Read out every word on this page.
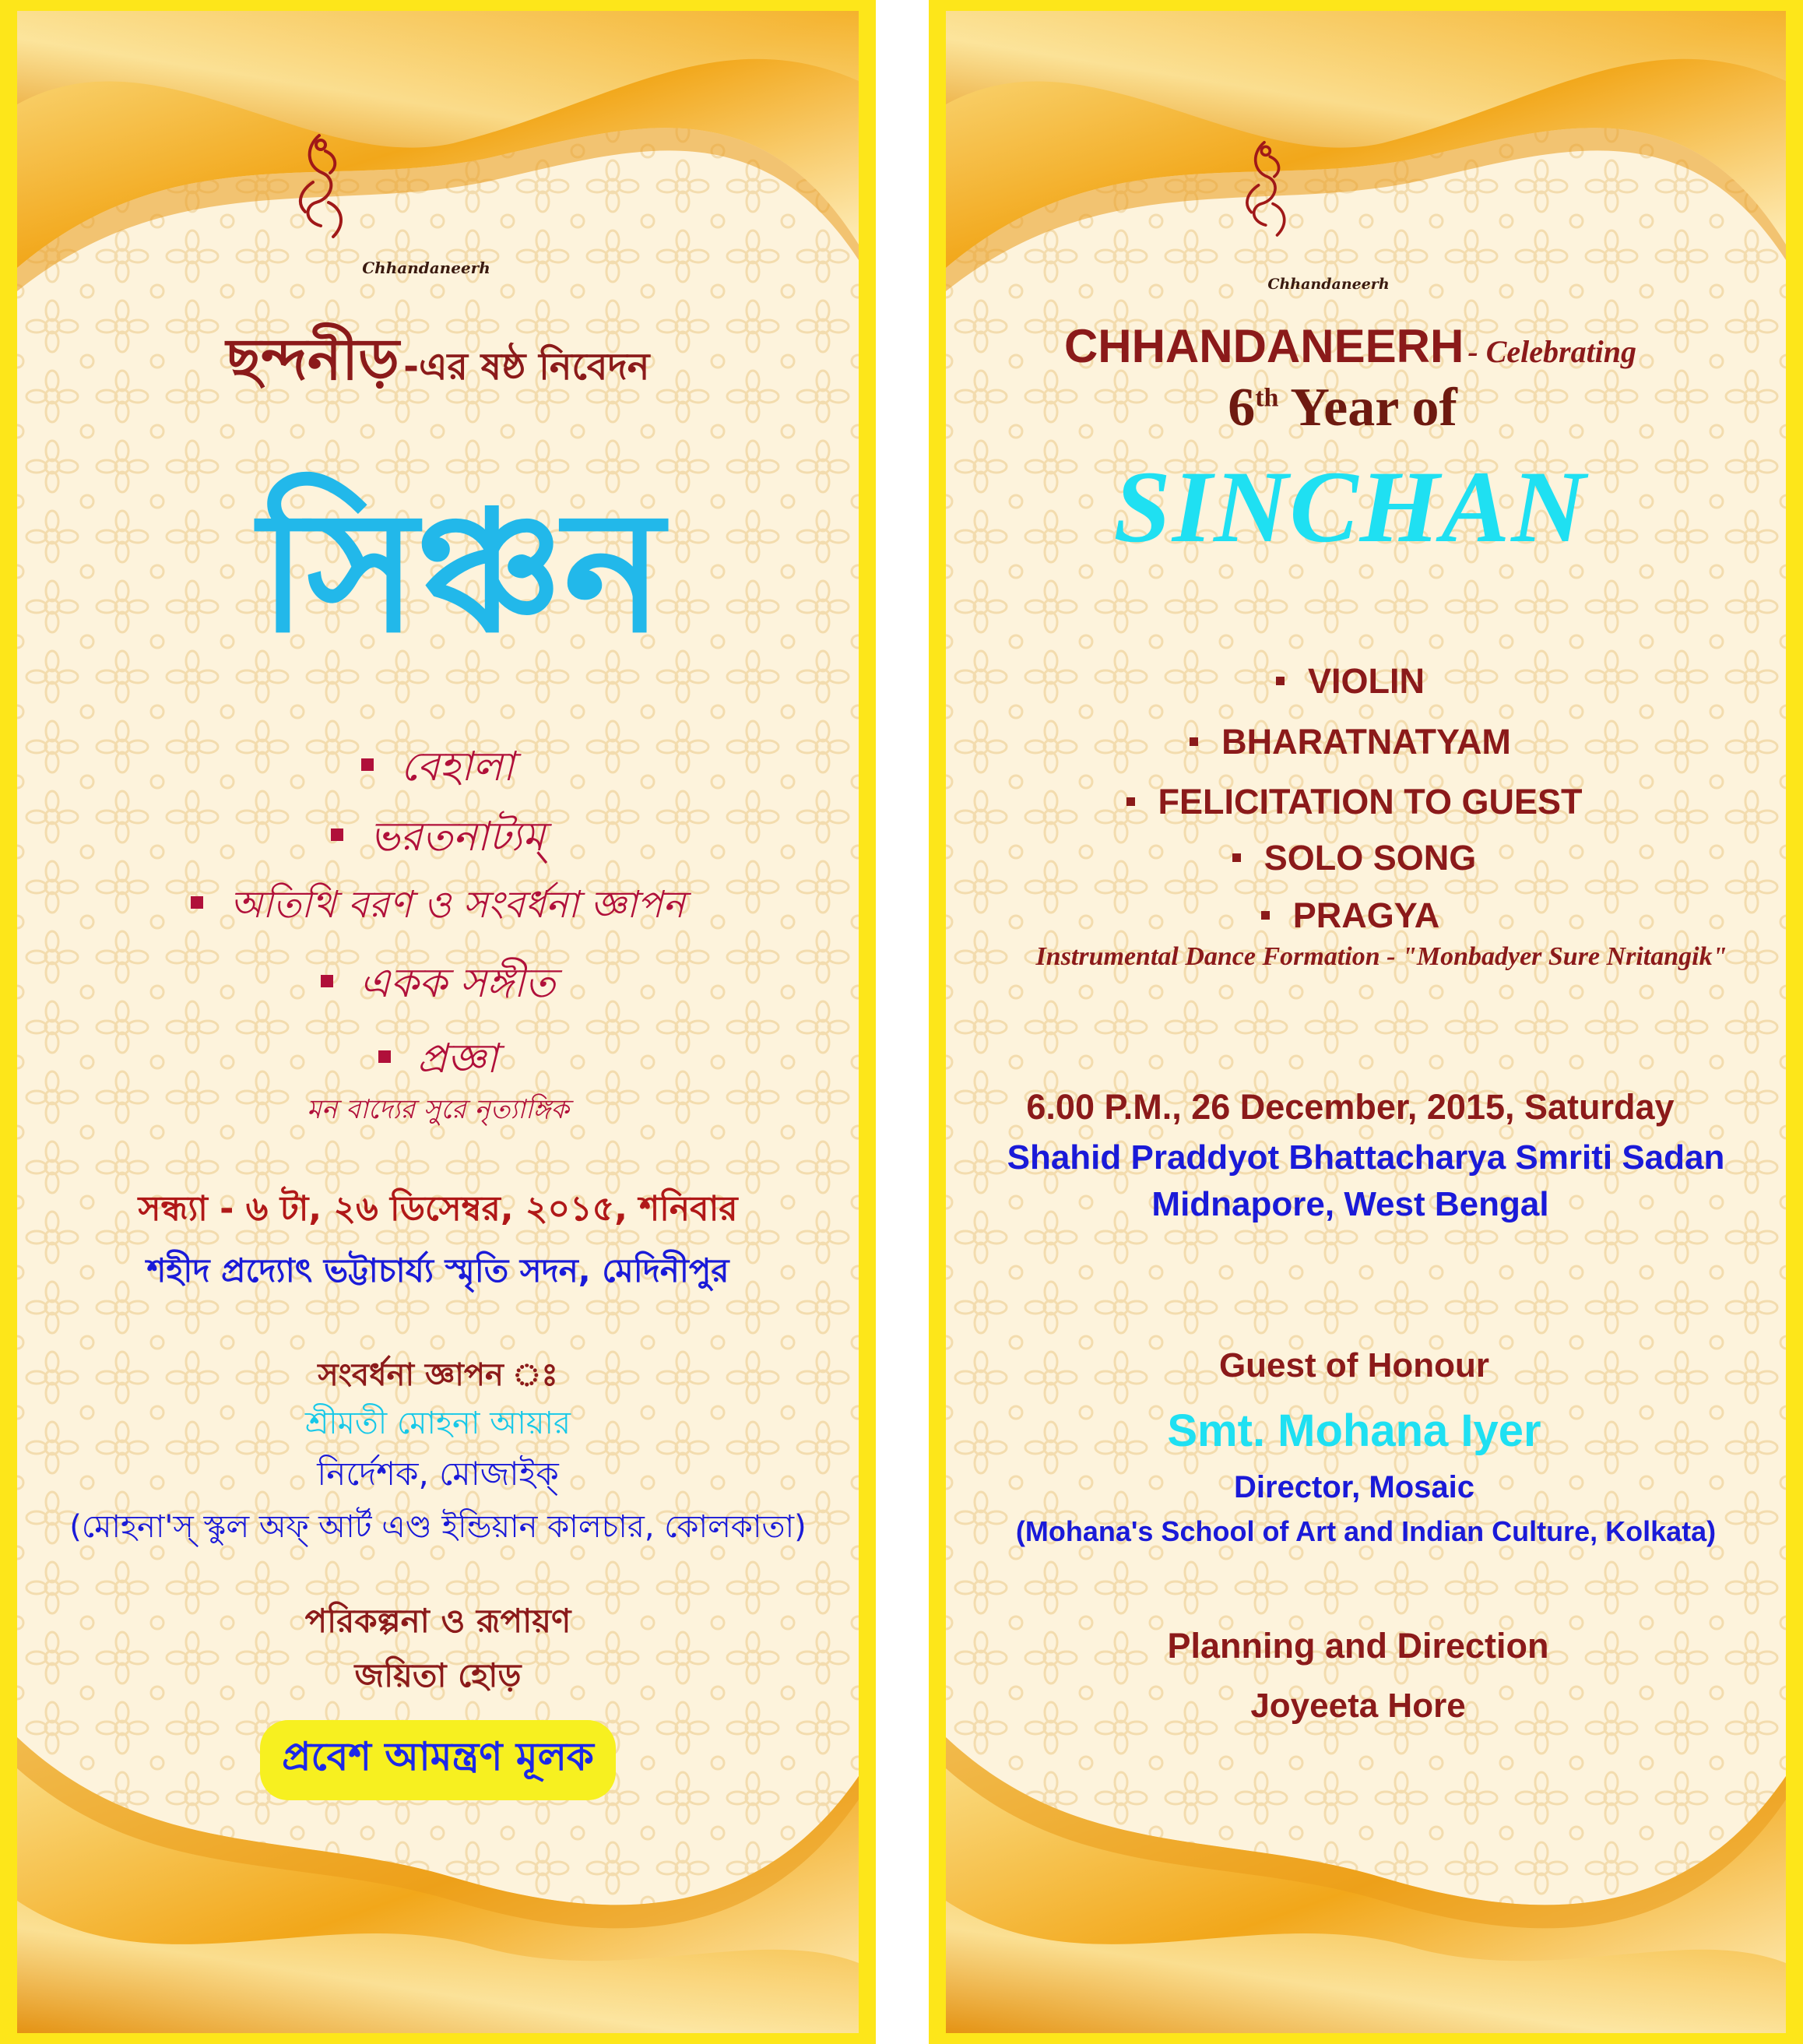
Chhandaneerh
ছন্দনীড় -এর ষষ্ঠ নিবেদন
সিঞ্চন
বেহালা
ভরতনাট্যম্
অতিথি বরণ ও সংবর্ধনা জ্ঞাপন
একক সঙ্গীত
প্রজ্ঞা
মন বাদ্যের সুরে নৃত্যাঙ্গিক
সন্ধ্যা - ৬ টা, ২৬ ডিসেম্বর, ২০১৫, শনিবার
শহীদ প্রদ্যোৎ ভট্টাচার্য্য স্মৃতি সদন, মেদিনীপুর
সংবর্ধনা জ্ঞাপন ঃ
শ্রীমতী মোহনা আয়ার
নির্দেশক, মোজাইক্
(মোহনা'স্ স্কুল অফ্ আর্ট এণ্ড ইন্ডিয়ান কালচার, কোলকাতা)
পরিকল্পনা ও রূপায়ণ
জয়িতা হোড়
প্রবেশ আমন্ত্রণ মূলক
Chhandaneerh
CHHANDANEERH - Celebrating
6th Year of
SINCHAN
VIOLIN
BHARATNATYAM
FELICITATION TO GUEST
SOLO SONG
PRAGYA
Instrumental Dance Formation - "Monbadyer Sure Nritangik"
6.00 P.M., 26 December, 2015, Saturday
Shahid Praddyot Bhattacharya Smriti Sadan
Midnapore, West Bengal
Guest of Honour
Smt. Mohana Iyer
Director, Mosaic
(Mohana's School of Art and Indian Culture, Kolkata)
Planning and Direction
Joyeeta Hore
